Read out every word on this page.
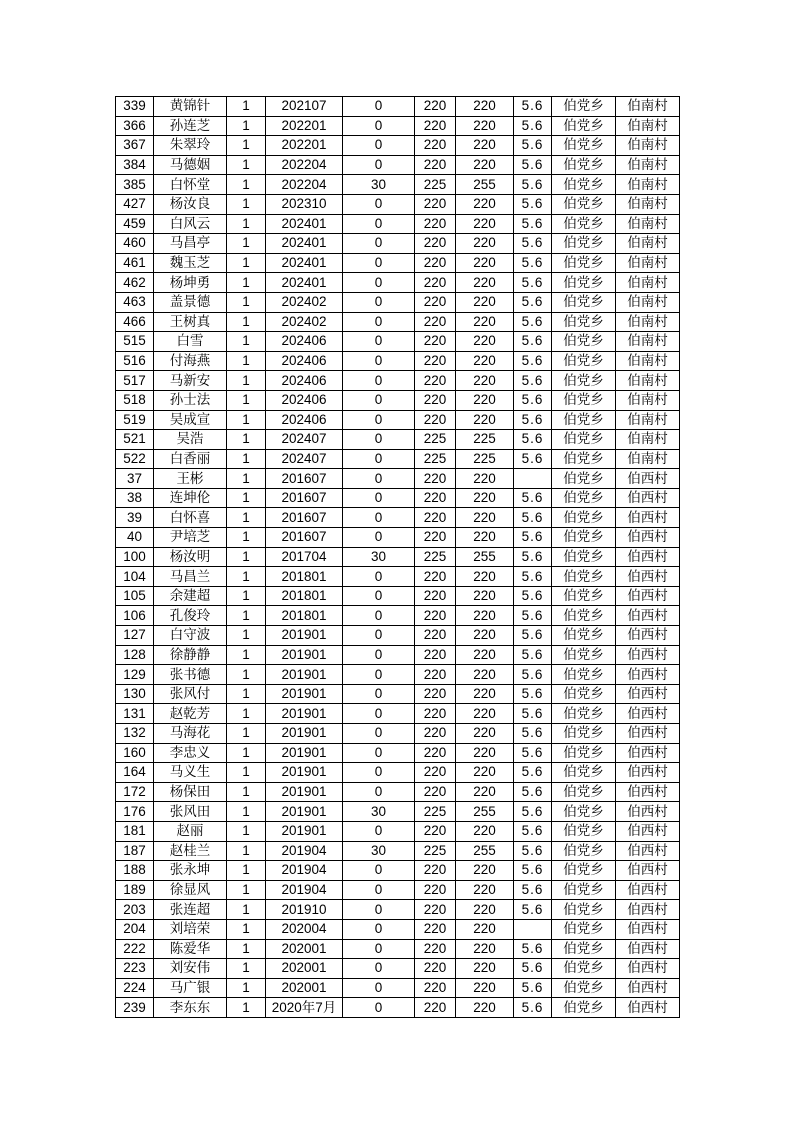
339	黄锦针	1	202107	0	220	220	5.6	伯党乡	伯南村
366	孙连芝	1	202201	0	220	220	5.6	伯党乡	伯南村
367	朱翠玲	1	202201	0	220	220	5.6	伯党乡	伯南村
384	马德姻	1	202204	0	220	220	5.6	伯党乡	伯南村
385	白怀堂	1	202204	30	225	255	5.6	伯党乡	伯南村
427	杨汝良	1	202310	0	220	220	5.6	伯党乡	伯南村
459	白风云	1	202401	0	220	220	5.6	伯党乡	伯南村
460	马昌亭	1	202401	0	220	220	5.6	伯党乡	伯南村
461	魏玉芝	1	202401	0	220	220	5.6	伯党乡	伯南村
462	杨坤勇	1	202401	0	220	220	5.6	伯党乡	伯南村
463	盖景德	1	202402	0	220	220	5.6	伯党乡	伯南村
466	王树真	1	202402	0	220	220	5.6	伯党乡	伯南村
515	白雪	1	202406	0	220	220	5.6	伯党乡	伯南村
516	付海燕	1	202406	0	220	220	5.6	伯党乡	伯南村
517	马新安	1	202406	0	220	220	5.6	伯党乡	伯南村
518	孙士法	1	202406	0	220	220	5.6	伯党乡	伯南村
519	吴成宣	1	202406	0	220	220	5.6	伯党乡	伯南村
521	吴浩	1	202407	0	225	225	5.6	伯党乡	伯南村
522	白香丽	1	202407	0	225	225	5.6	伯党乡	伯南村
37	王彬	1	201607	0	220	220		伯党乡	伯西村
38	连坤伦	1	201607	0	220	220	5.6	伯党乡	伯西村
39	白怀喜	1	201607	0	220	220	5.6	伯党乡	伯西村
40	尹培芝	1	201607	0	220	220	5.6	伯党乡	伯西村
100	杨汝明	1	201704	30	225	255	5.6	伯党乡	伯西村
104	马昌兰	1	201801	0	220	220	5.6	伯党乡	伯西村
105	余建超	1	201801	0	220	220	5.6	伯党乡	伯西村
106	孔俊玲	1	201801	0	220	220	5.6	伯党乡	伯西村
127	白守波	1	201901	0	220	220	5.6	伯党乡	伯西村
128	徐静静	1	201901	0	220	220	5.6	伯党乡	伯西村
129	张书德	1	201901	0	220	220	5.6	伯党乡	伯西村
130	张风付	1	201901	0	220	220	5.6	伯党乡	伯西村
131	赵乾芳	1	201901	0	220	220	5.6	伯党乡	伯西村
132	马海花	1	201901	0	220	220	5.6	伯党乡	伯西村
160	李忠义	1	201901	0	220	220	5.6	伯党乡	伯西村
164	马义生	1	201901	0	220	220	5.6	伯党乡	伯西村
172	杨保田	1	201901	0	220	220	5.6	伯党乡	伯西村
176	张风田	1	201901	30	225	255	5.6	伯党乡	伯西村
181	赵丽	1	201901	0	220	220	5.6	伯党乡	伯西村
187	赵桂兰	1	201904	30	225	255	5.6	伯党乡	伯西村
188	张永坤	1	201904	0	220	220	5.6	伯党乡	伯西村
189	徐显风	1	201904	0	220	220	5.6	伯党乡	伯西村
203	张连超	1	201910	0	220	220	5.6	伯党乡	伯西村
204	刘培荣	1	202004	0	220	220		伯党乡	伯西村
222	陈爱华	1	202001	0	220	220	5.6	伯党乡	伯西村
223	刘安伟	1	202001	0	220	220	5.6	伯党乡	伯西村
224	马广银	1	202001	0	220	220	5.6	伯党乡	伯西村
239	李东东	1	2020年7月	0	220	220	5.6	伯党乡	伯西村
